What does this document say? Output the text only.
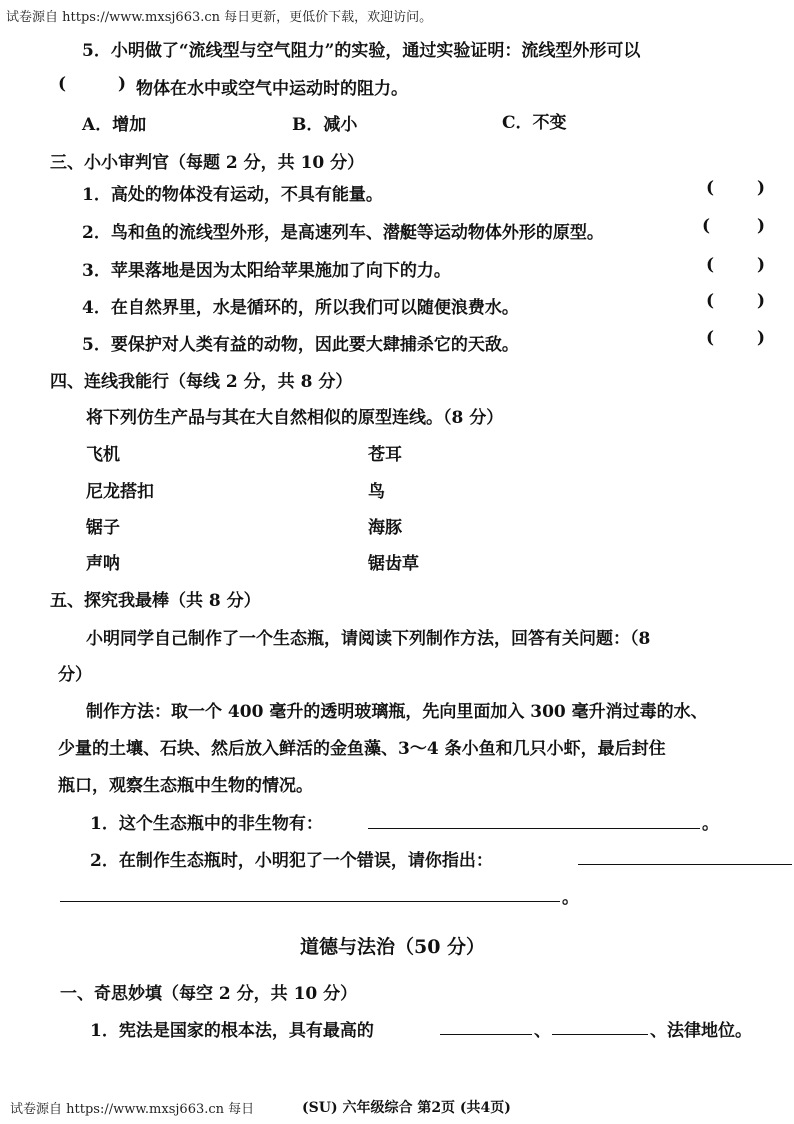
试卷源自 https://www.mxsj663.cn 每日更新，更低价下载，欢迎访问。
5．小明做了“流线型与空气阻力”的实验，通过实验证明：流线型外形可以
(	) 物体在水中或空气中运动时的阻力。
A．增加	B．减小	C．不变
三、小小审判官（每题 2 分，共 10 分）
1．高处的物体没有运动，不具有能量。	(	)
2．鸟和鱼的流线型外形，是高速列车、潜艇等运动物体外形的原型。	(	)
3．苹果落地是因为太阳给苹果施加了向下的力。	(	)
4．在自然界里，水是循环的，所以我们可以随便浪费水。	(	)
5．要保护对人类有益的动物，因此要大肆捕杀它的天敌。	(	)
四、连线我能行（每线 2 分，共 8 分）
将下列仿生产品与其在大自然相似的原型连线。（8 分）
飞机	苍耳
尼龙搭扣	鸟
锯子	海豚
声呐	锯齿草
五、探究我最棒（共 8 分）
小明同学自己制作了一个生态瓶，请阅读下列制作方法，回答有关问题：（8
分）
制作方法：取一个 400 毫升的透明玻璃瓶，先向里面加入 300 毫升消过毒的水、
少量的土壤、石块、然后放入鲜活的金鱼藻、3～4 条小鱼和几只小虾，最后封住
瓶口，观察生态瓶中生物的情况。
1．这个生态瓶中的非生物有：	。
2．在制作生态瓶时，小明犯了一个错误，请你指出：
。
道德与法治（50 分）
一、奇思妙填（每空 2 分，共 10 分）
1．宪法是国家的根本法，具有最高的	、	、法律地位。
试卷源自 https://www.mxsj663.cn 每日	(SU) 六年级综合 第2页 (共4页)
